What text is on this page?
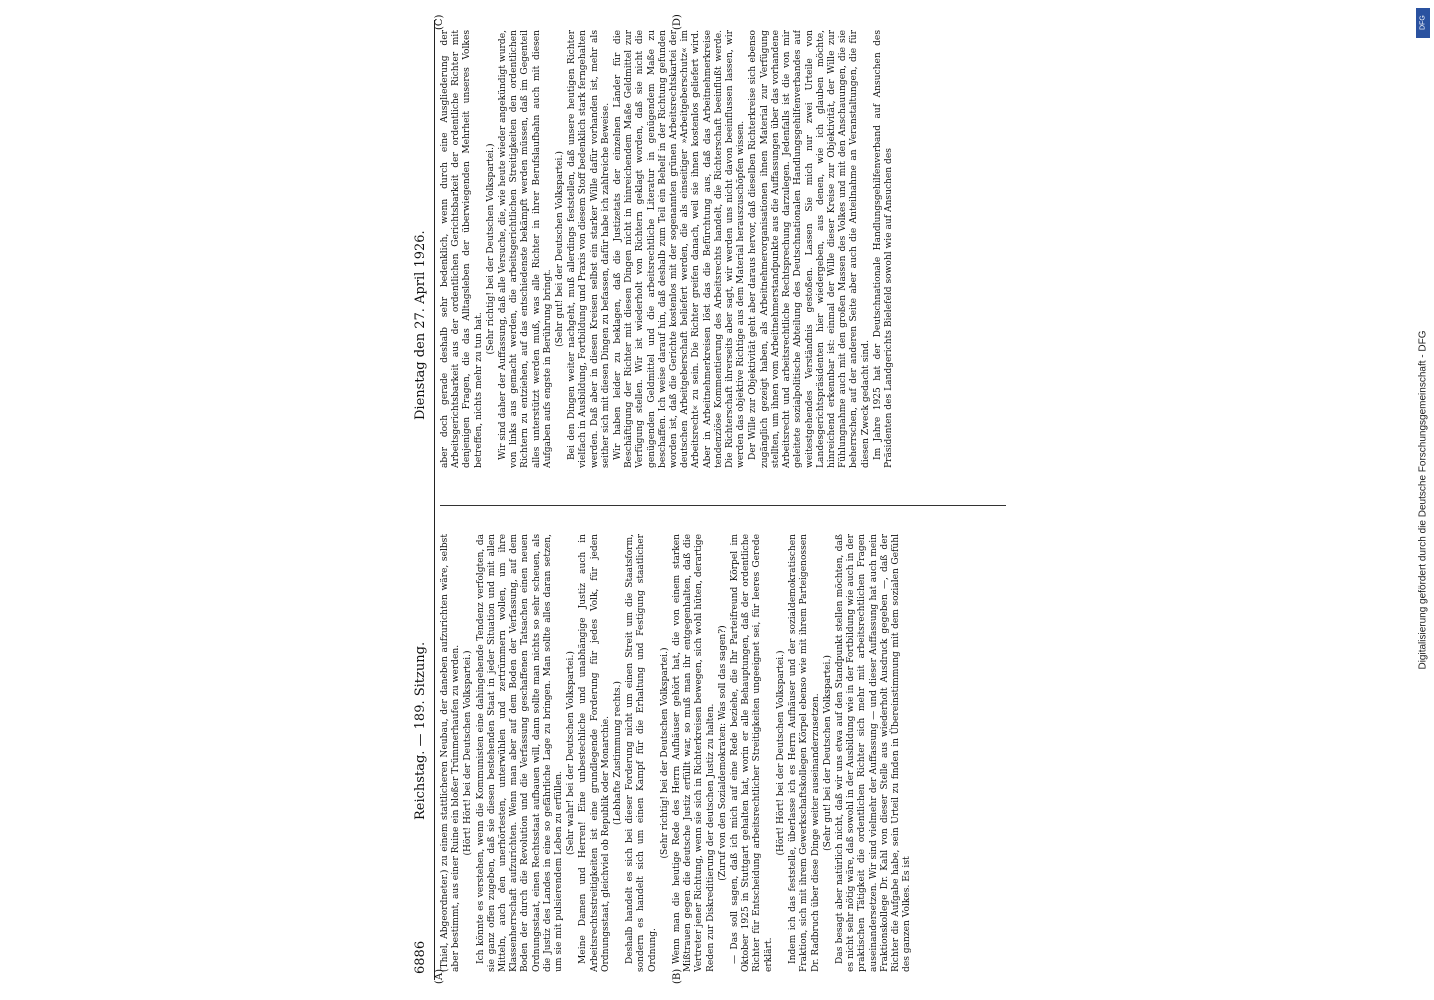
6886
Reichstag. — 189. Sitzung.
Dienstag den 27. April 1926.
(A)	(B)
(C)	(D)

(Thiel, Abgeordneter.) zu einem stattlicheren Neubau, der daneben aufzurichten wäre, selbst aber bestimmt, aus einer Ruine ein bloßer Trümmerhaufen zu werden. (Hört! Hört! bei der Deutschen Volkspartei.) Ich könnte es verstehen, wenn die Kommunisten eine dahingehende Tendenz verfolgten, da sie ganz offen zugeben, daß sie diesen bestehenden Staat in jeder Situation und mit allen Mitteln, auch den unerhörtesten, unterwühlen und zertrümmern wollen, um ihre Klassenherrschaft aufzurichten. Wenn man aber auf dem Boden der Verfassung, auf dem Boden der durch die Revolution und die Verfassung geschaffenen Tatsachen einen neuen Ordnungsstaat, einen Rechtsstaat aufbauen will, dann sollte man nichts so sehr scheuen, als die Justiz des Landes in eine so gefährliche Lage zu bringen. Man sollte alles daran setzen, um sie mit pulsierendem Leben zu erfüllen.

(Sehr wahr! bei der Deutschen Volkspartei.) Meine Damen und Herren! Eine unbestechliche und unabhängige Justiz auch in Arbeitsrechtsstreitigkeiten ist eine grundlegende Forderung für jedes Volk, für jeden Ordnungsstaat, gleichviel ob Republik oder Monarchie. (Lebhafte Zustimmung rechts.) Deshalb handelt es sich bei dieser Forderung nicht um einen Streit um die Staatsform, sondern es handelt sich um einen Kampf für die Erhaltung und Festigung staatlicher Ordnung.

(Sehr richtig! bei der Deutschen Volkspartei.) Wenn man die heutige Rede des Herrn Aufhäuser gehört hat, die von einem starken Mißtrauen gegen die deutsche Justiz erfüllt war, so muß man ihr entgegenhalten, daß die Vertreter jener Richtung, wenn sie sich in Richterkreisen bewegen, sich wohl hüten, derartige Reden zur Diskreditierung der deutschen Justiz zu halten. (Zuruf von den Sozialdemokraten: Was soll das sagen?) — Das soll sagen, daß ich mich auf eine Rede beziehe, die Ihr Parteifreund Körpel im Oktober 1925 in Stuttgart gehalten hat, worin er alle Behauptungen, daß der ordentliche Richter für Entscheidung arbeitsrechtlicher Streitigkeiten ungeeignet sei, für leeres Gerede erklärt.

(Hört! Hört! bei der Deutschen Volkspartei.) Indem ich das feststelle, überlasse ich es Herrn Aufhäuser und der sozialdemokratischen Fraktion, sich mit ihrem Gewerkschaftskollegen Körpel ebenso wie mit ihrem Parteigenossen Dr. Radbruch über diese Dinge weiter auseinanderzusetzen. (Sehr gut! bei der Deutschen Volkspartei.) Das besagt aber natürlich nicht, daß wir uns etwa auf den Standpunkt stellen möchten, daß es nicht sehr nötig wäre, daß sowohl in der Ausbildung wie in der Fortbildung wie auch in der praktischen Tätigkeit die ordentlichen Richter sich mehr mit arbeitsrechtlichen Fragen auseinandersetzen. Wir sind vielmehr der Auffassung — und dieser Auffassung hat auch mein Fraktionskollege Dr. Kahl von dieser Stelle aus wiederholt Ausdruck gegeben —, daß der Richter die Aufgabe habe, sein Urteil zu finden in Übereinstimmung mit dem sozialen Gefühl des ganzen Volkes. Es ist

aber doch gerade deshalb sehr bedenklich, wenn durch eine Ausgliederung der Arbeitsgerichtsbarkeit aus der ordentlichen Gerichtsbarkeit der ordentliche Richter mit denjenigen Fragen, die das Alltagsleben der überwiegenden Mehrheit unseres Volkes betreffen, nichts mehr zu tun hat.

(Sehr richtig! bei der Deutschen Volkspartei.) Wir sind daher der Auffassung, daß alle Versuche, die, wie heute wieder angekündigt wurde, von links aus gemacht werden, die arbeitsgerichtlichen Streitigkeiten den ordentlichen Richtern zu entziehen, auf das entschiedenste bekämpft werden müssen, daß im Gegenteil alles unterstützt werden muß, was alle Richter in ihrer Berufslaufbahn auch mit diesen Aufgaben aufs engste in Berührung bringt.

(Sehr gut! bei der Deutschen Volkspartei.) Bei den Dingen weiter nachgeht, muß allerdings feststellen, daß unsere heutigen Richter vielfach in Ausbildung, Fortbildung und Praxis von diesem Stoff bedenklich stark ferngehalten werden. Daß aber in diesen Kreisen selbst ein starker Wille dafür vorhanden ist, mehr als seither sich mit diesen Dingen zu befassen, dafür habe ich zahlreiche Beweise. Wir haben leider zu beklagen, daß die Justizetats der einzelnen Länder für die Beschäftigung der Richter mit diesen Dingen nicht in hinreichendem Maße Geldmittel zur Verfügung stellen. Wir ist wiederholt von Richtern geklagt worden, daß sie nicht die genügenden Geldmittel und die arbeitsrechtliche Literatur in genügendem Maße zu beschaffen. Ich weise darauf hin, daß deshalb zum Teil ein Behelf in der Richtung gefunden worden ist, daß die Gerichte kostenlos mit der sogenannten grünen Arbeitsrechtskartei der deutschen Arbeitgeberschaft beliefert werden, die als einseitiger »Arbeitgeberschutz« im Arbeitsrecht« zu sein. Die Richter greifen danach, weil sie ihnen kostenlos geliefert wird. Aber in Arbeitnehmerkreisen löst das die Befürchtung aus, daß das Arbeitnehmerkreise tendenziöse Kommentierung des Arbeitsrechts handelt, die Richterschaft beeinflußt werde. Die Richterschaft ihrerseits aber sagt, wir werden uns nicht davon beeinflussen lassen, wir werden das objektive Richtige aus dem Material herauszuschöpfen wissen. Der Wille zur Objektivität geht aber daraus hervor, daß dieselben Richterkreise sich ebenso zugänglich gezeigt haben, als Arbeitnehmerorganisationen ihnen Material zur Verfügung stellten, um ihnen vom Arbeitnehmerstandpunkte aus die Auffassungen über das vorhandene Arbeitsrecht und arbeitsrechtliche Rechtsprechung darzulegen. Jedenfalls ist die von mir geleitete sozialpolitische Abteilung des Deutschnationalen Handlungsgehilfenverbandes auf weitestgehendes Verständnis gestoßen. Lassen Sie mich nur zwei Urteile von Landesgerichtspräsidenten hier wiedergeben, aus denen, wie ich glauben möchte, hinreichend erkennbar ist: einmal der Wille dieser Kreise zur Objektivität, der Wille zur Fühlungnahme auch mit den großen Massen des Volkes und mit den Anschauungen, die sie beherrschen, auf der anderen Seite aber auch die Anteilnahme an Veranstaltungen, die für diesen Zweck gedacht sind. Im Jahre 1925 hat der Deutschnationale Handlungsgehilfenverband auf Ansuchen des Präsidenten des Landgerichts Bielefeld sowohl wie auf Ansuchen des

DFG
Digitalisierung gefördert durch die Deutsche Forschungsgemeinschaft - DFG
